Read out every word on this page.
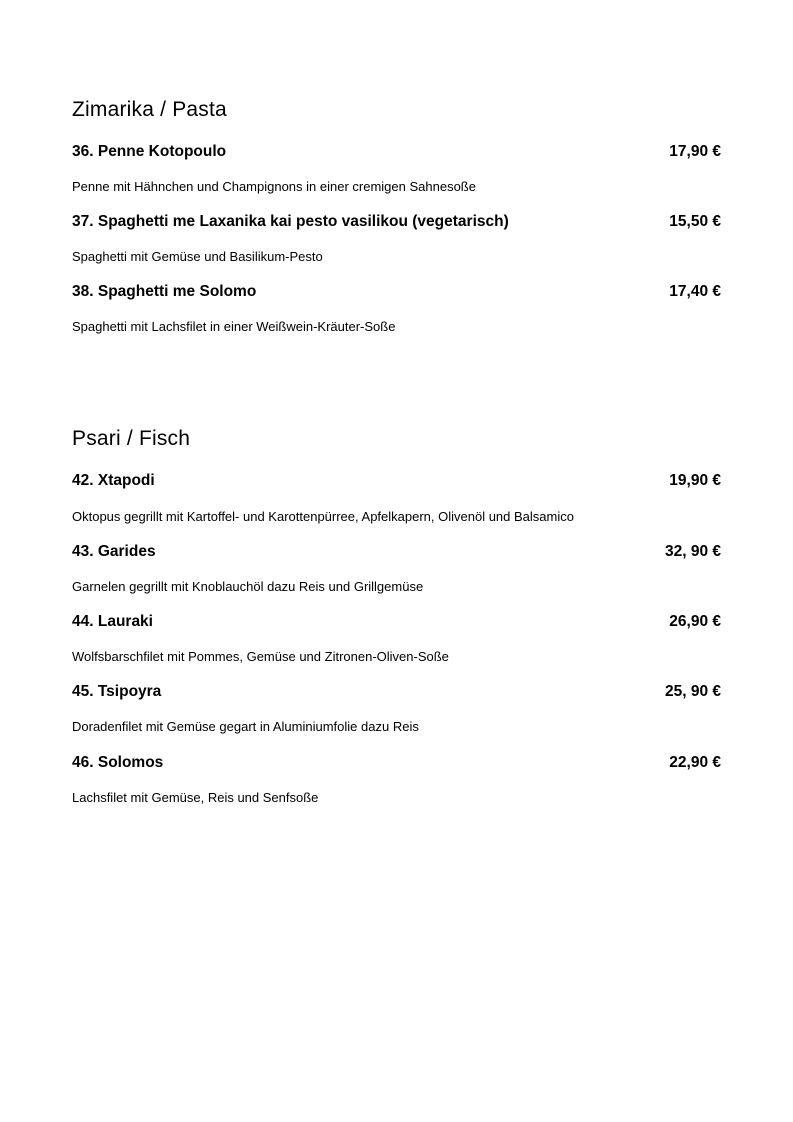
Zimarika / Pasta
36. Penne Kotopoulo	17,90 €
Penne mit Hähnchen und Champignons in einer cremigen Sahnesoße
37. Spaghetti me Laxanika kai pesto vasilikou (vegetarisch)	15,50 €
Spaghetti mit Gemüse und Basilikum-Pesto
38. Spaghetti me Solomo	17,40 €
Spaghetti mit Lachsfilet in einer Weißwein-Kräuter-Soße
Psari / Fisch
42. Xtapodi	19,90 €
Oktopus gegrillt mit Kartoffel- und Karottenpürree, Apfelkapern, Olivenöl und Balsamico
43. Garides	32, 90 €
Garnelen gegrillt mit Knoblauchöl dazu Reis und Grillgemüse
44. Lauraki	26,90 €
Wolfsbarschfilet mit Pommes, Gemüse und Zitronen-Oliven-Soße
45. Tsipoyra	25, 90 €
Doradenfilet mit Gemüse gegart in Aluminiumfolie dazu Reis
46. Solomos	22,90 €
Lachsfilet mit Gemüse, Reis und Senfsoße
